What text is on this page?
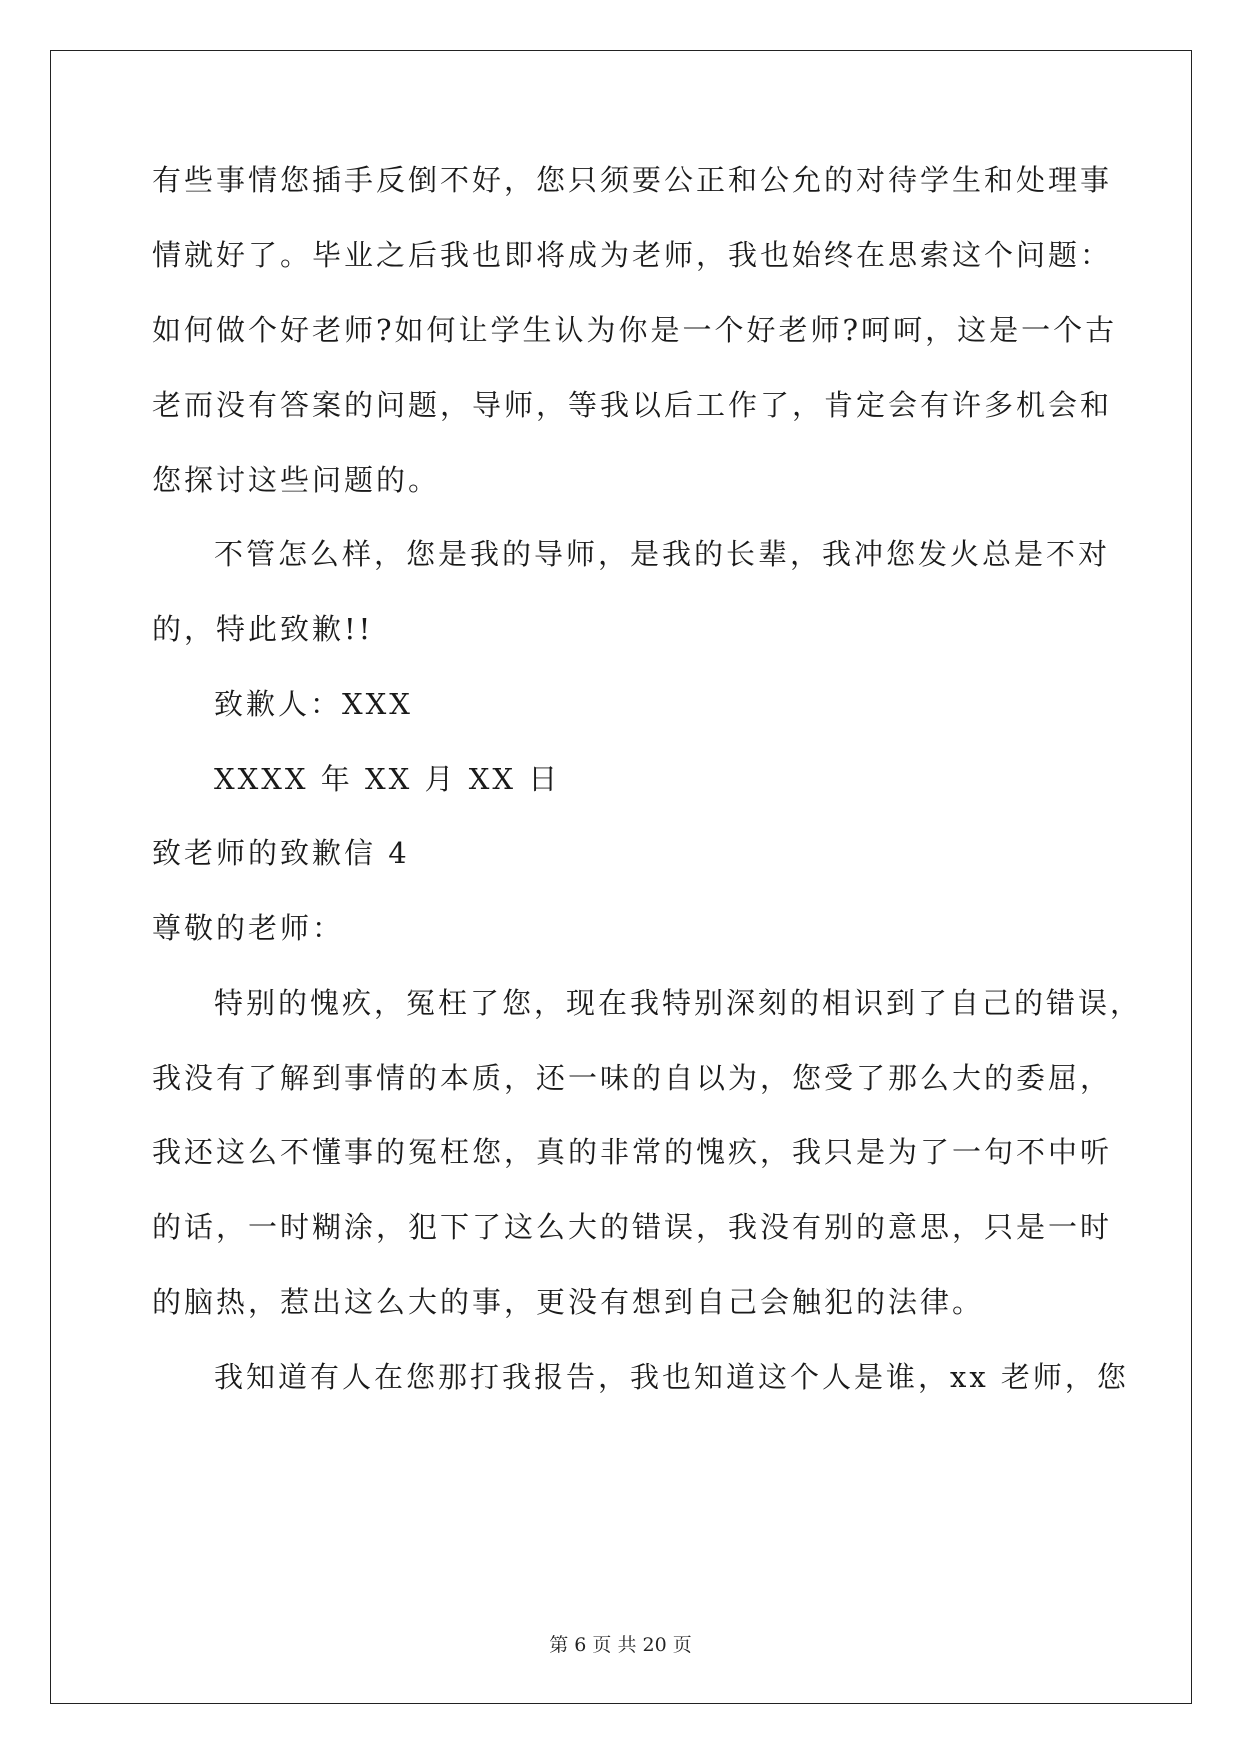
有些事情您插手反倒不好，您只须要公正和公允的对待学生和处理事
情就好了。毕业之后我也即将成为老师，我也始终在思索这个问题：
如何做个好老师?如何让学生认为你是一个好老师?呵呵，这是一个古
老而没有答案的问题，导师，等我以后工作了，肯定会有许多机会和
您探讨这些问题的。
不管怎么样，您是我的导师，是我的长辈，我冲您发火总是不对
的，特此致歉!!
致歉人：XXX
XXXX 年 XX 月 XX 日
致老师的致歉信 4
尊敬的老师：
特别的愧疚，冤枉了您，现在我特别深刻的相识到了自己的错误，
我没有了解到事情的本质，还一味的自以为，您受了那么大的委屈，
我还这么不懂事的冤枉您，真的非常的愧疚，我只是为了一句不中听
的话，一时糊涂，犯下了这么大的错误，我没有别的意思，只是一时
的脑热，惹出这么大的事，更没有想到自己会触犯的法律。
我知道有人在您那打我报告，我也知道这个人是谁，xx 老师，您
第 6 页 共 20 页
